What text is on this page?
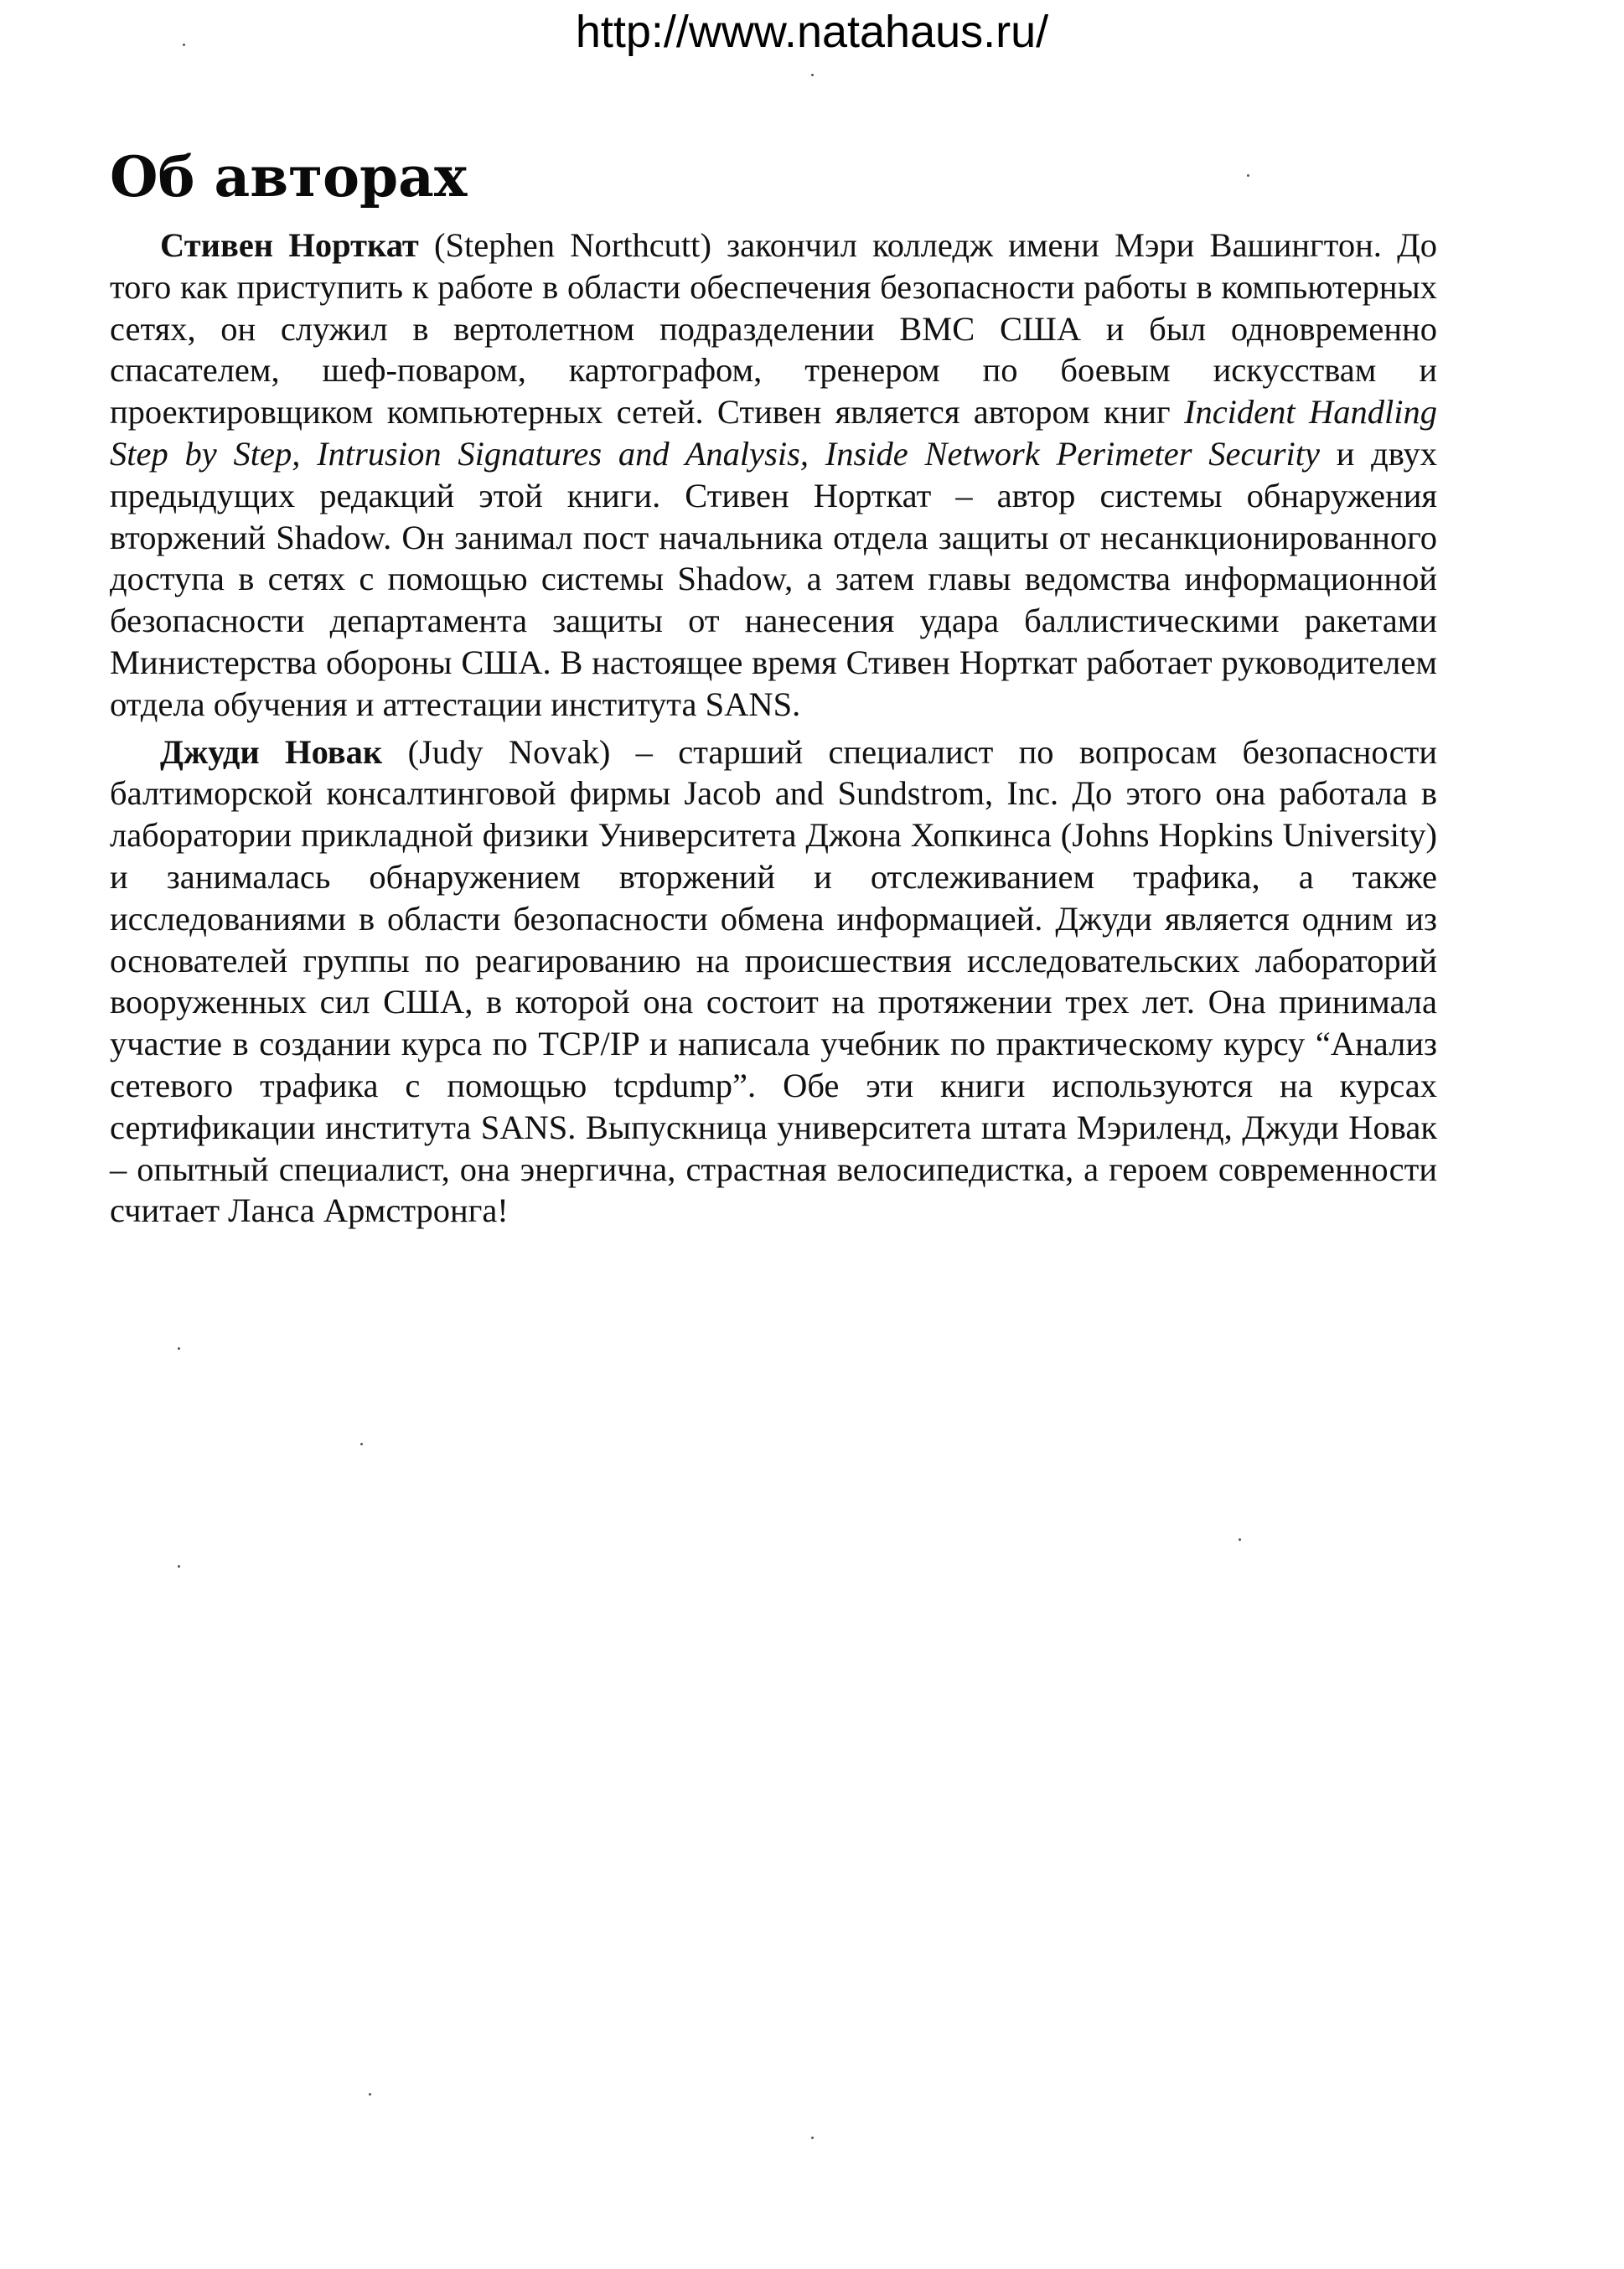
http://www.natahaus.ru/
Об авторах

Стивен Норткат (Stephen Northcutt) закончил колледж имени Мэри Вашингтон. До того как приступить к работе в области обеспечения безопасности работы в компьютерных сетях, он служил в вертолетном подразделении ВМС США и был одновременно спасателем, шеф-поваром, картографом, тренером по боевым искусствам и проектировщиком компьютерных сетей. Стивен является автором книг Incident Handling Step by Step, Intrusion Signatures and Analysis, Inside Network Perimeter Security и двух предыдущих редакций этой книги. Стивен Норткат – автор системы обнаружения вторжений Shadow. Он занимал пост начальника отдела защиты от несанкционированного доступа в сетях с помощью системы Shadow, а затем главы ведомства информационной безопасности департамента защиты от нанесения удара баллистическими ракетами Министерства обороны США. В настоящее время Стивен Норткат работает руководителем отдела обучения и аттестации института SANS.

Джуди Новак (Judy Novak) – старший специалист по вопросам безопасности балтиморской консалтинговой фирмы Jacob and Sundstrom, Inc. До этого она работала в лаборатории прикладной физики Университета Джона Хопкинса (Johns Hopkins University) и занималась обнаружением вторжений и отслеживанием трафика, а также исследованиями в области безопасности обмена информацией. Джуди является одним из основателей группы по реагированию на происшествия исследовательских лабораторий вооруженных сил США, в которой она состоит на протяжении трех лет. Она принимала участие в создании курса по TCP/IP и написала учебник по практическому курсу “Анализ сетевого трафика с помощью tcpdump”. Обе эти книги используются на курсах сертификации института SANS. Выпускница университета штата Мэриленд, Джуди Новак – опытный специалист, она энергична, страстная велосипедистка, а героем современности считает Ланса Армстронга!
